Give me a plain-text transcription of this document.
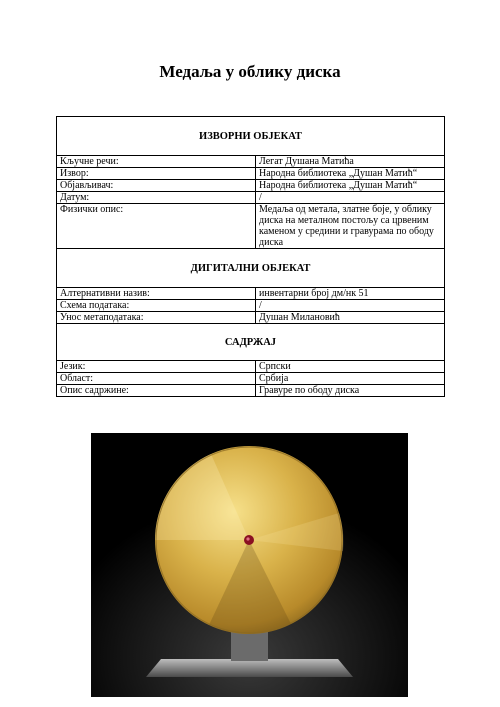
Медаља у облику диска
ИЗВОРНИ ОБЈЕКАТ	
Кључне речи:	Легат Душана Матића
Извор:	Народна библиотека „Душан Матић“
Објављивач:	Народна библиотека „Душан Матић“
Датум:	/
Физички опис:	Медаља од метала, златне боје, у облику диска на металном постољу са црвеним каменом у средини и гравурама по ободу диска
ДИГИТАЛНИ ОБЈЕКАТ	
Алтернативни назив:	инвентарни број дм/нк 51
Схема података:	/
Унос метаподатака:	Душан Милановић
САДРЖАЈ	
Језик:	Српски
Област:	Србија
Опис садржине:	Гравуре по ободу диска
